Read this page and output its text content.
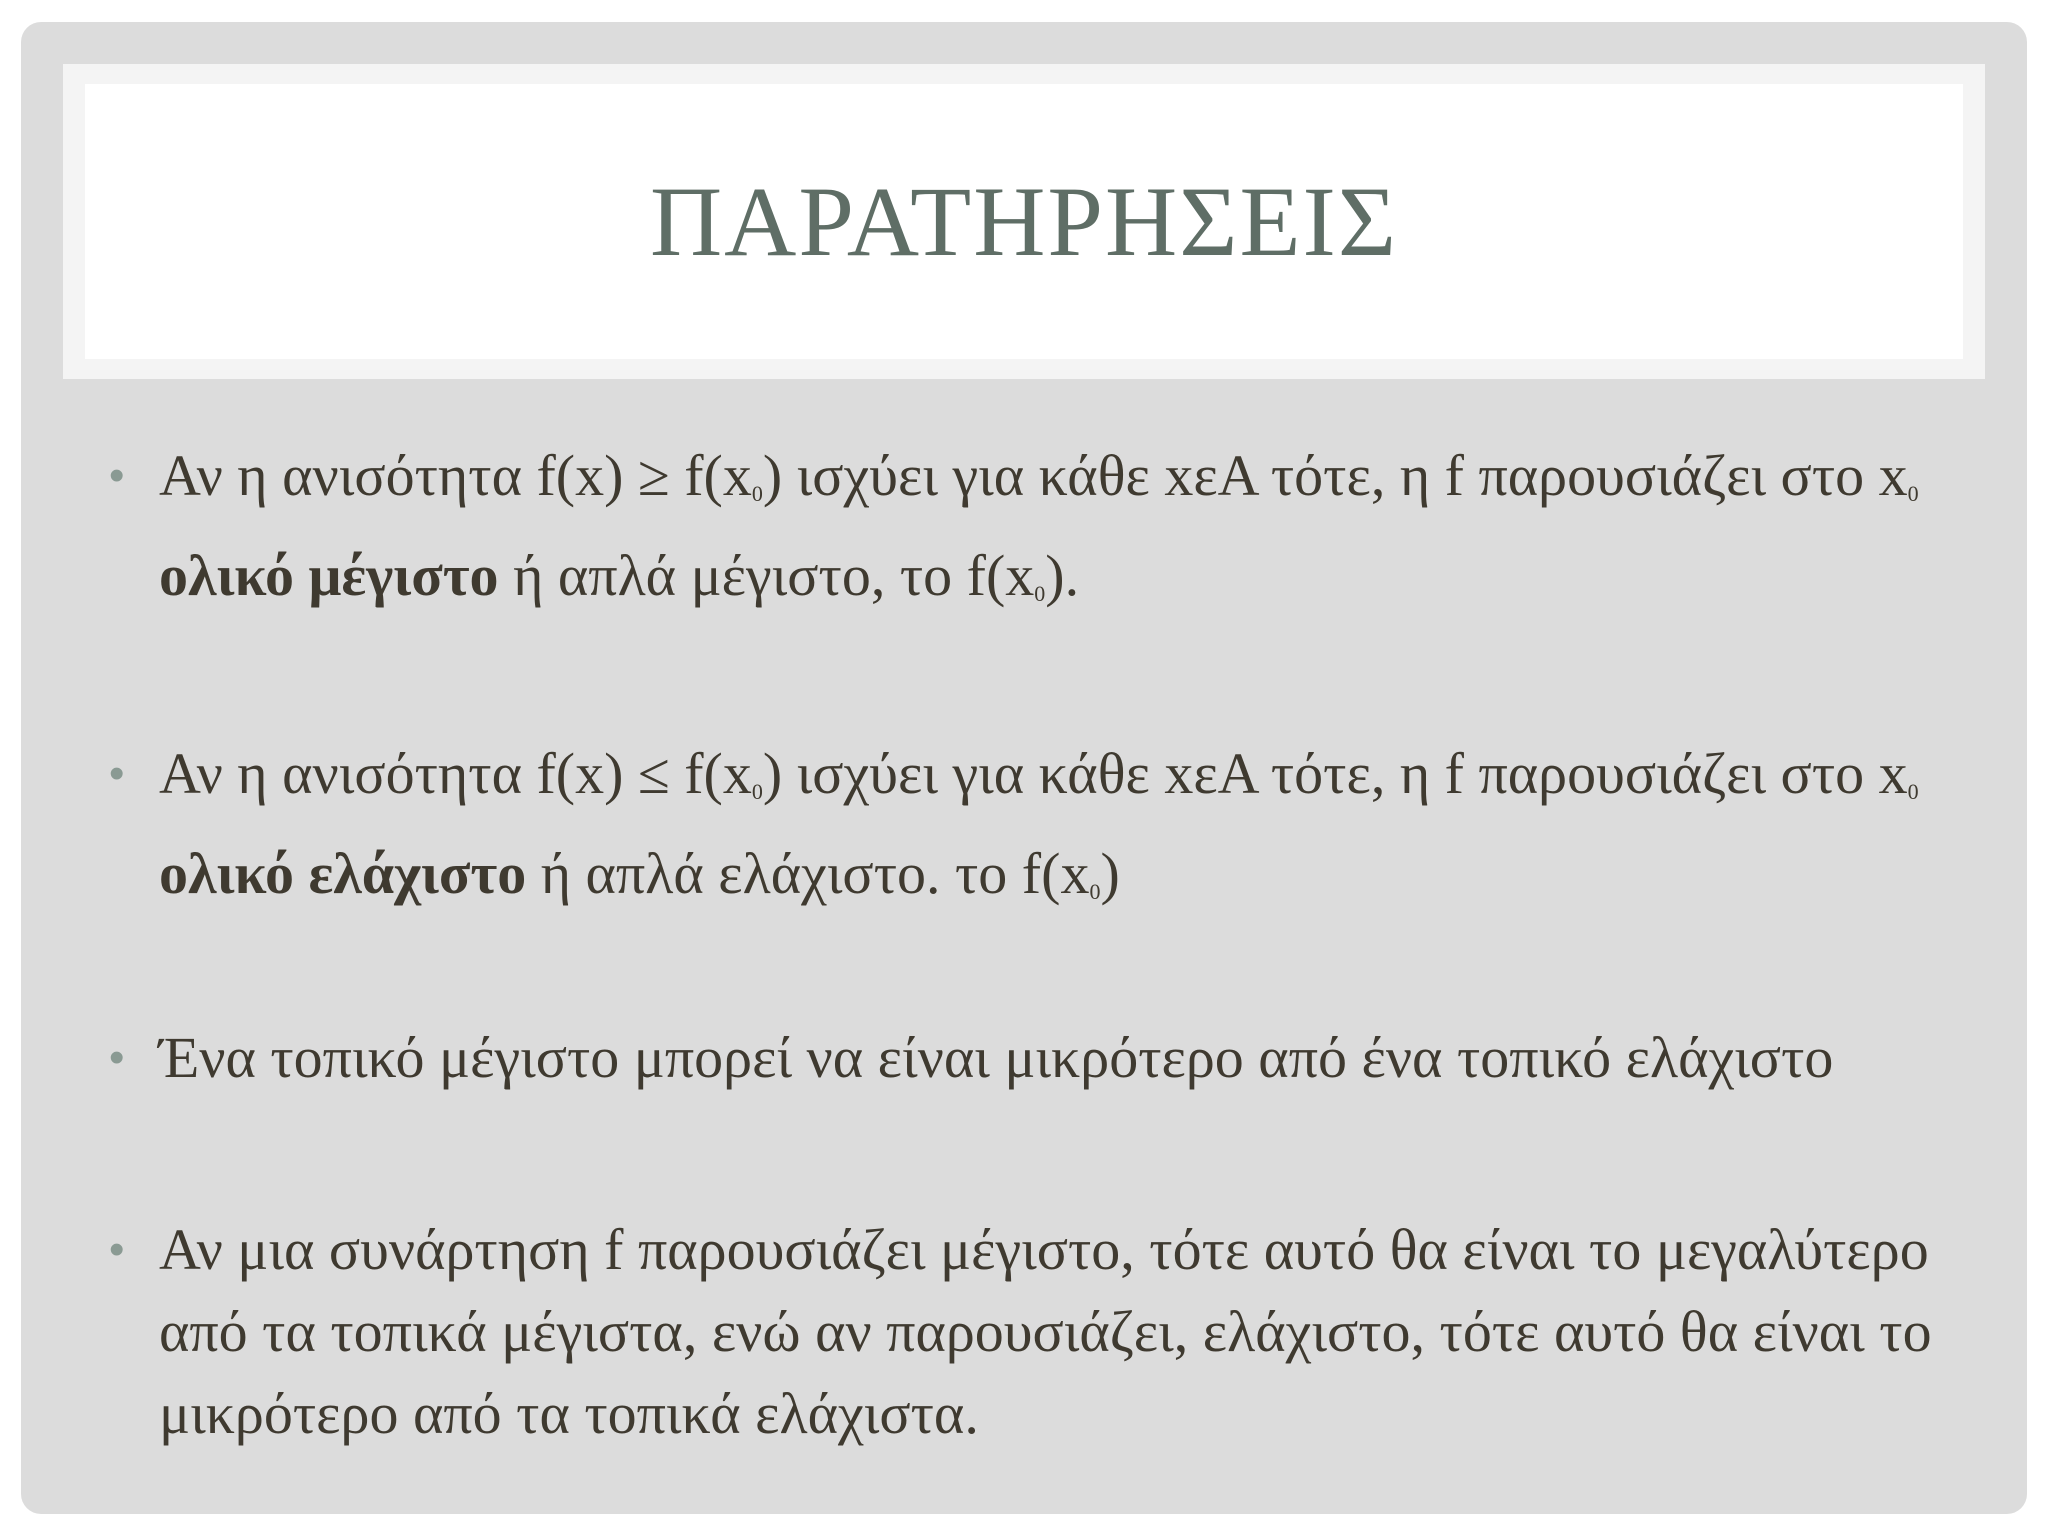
ΠΑΡΑΤΗΡΗΣΕΙΣ
• Αν η ανισότητα $f(x) \ge f(x_0)$ ισχύει για κάθε xεA τότε, η f παρουσιάζει στο $x_0$ ολικό μέγιστο ή απλά μέγιστο, το $f(x_0)$.
• Αν η ανισότητα $f(x) \le f(x_0)$ ισχύει για κάθε xεA τότε, η f παρουσιάζει στο $x_0$ ολικό ελάχιστο ή απλά ελάχιστο. το $f(x_0)$
• Ένα τοπικό μέγιστο μπορεί να είναι μικρότερο από ένα τοπικό ελάχιστο
• Αν μια συνάρτηση f παρουσιάζει μέγιστο, τότε αυτό θα είναι το μεγαλύτερο από τα τοπικά μέγιστα, ενώ αν παρουσιάζει, ελάχιστο, τότε αυτό θα είναι το μικρότερο από τα τοπικά ελάχιστα.
